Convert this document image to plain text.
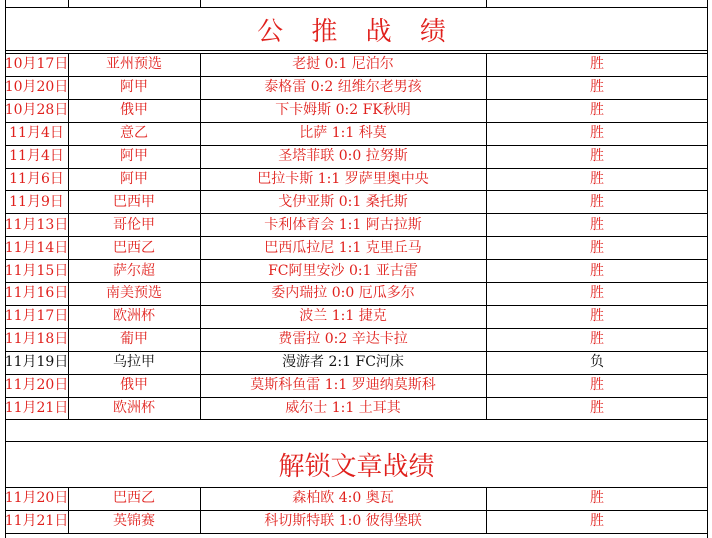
公 推 战 绩
解锁文章战绩
10月17日	亚州预选	老挝 0:1 尼泊尔	胜
10月20日	阿甲	泰格雷 0:2 纽维尔老男孩	胜
10月28日	俄甲	下卡姆斯 0:2 FK秋明	胜
11月4日	意乙	比萨 1:1 科莫	胜
11月4日	阿甲	圣塔菲联 0:0 拉努斯	胜
11月6日	阿甲	巴拉卡斯 1:1 罗萨里奥中央	胜
11月9日	巴西甲	戈伊亚斯 0:1 桑托斯	胜
11月13日	哥伦甲	卡利体育会 1:1 阿古拉斯	胜
11月14日	巴西乙	巴西瓜拉尼 1:1 克里丘马	胜
11月15日	萨尔超	FC阿里安沙 0:1 亚古雷	胜
11月16日	南美预选	委内瑞拉 0:0 厄瓜多尔	胜
11月17日	欧洲杯	波兰 1:1 捷克	胜
11月18日	葡甲	费雷拉 0:2 辛达卡拉	胜
11月19日	乌拉甲	漫游者 2:1 FC河床	负
11月20日	俄甲	莫斯科鱼雷 1:1 罗迪纳莫斯科	胜
11月21日	欧洲杯	威尔士 1:1 土耳其	胜
11月20日	巴西乙	森柏欧 4:0 奥瓦	胜
11月21日	英锦赛	科切斯特联 1:0 彼得堡联	胜
